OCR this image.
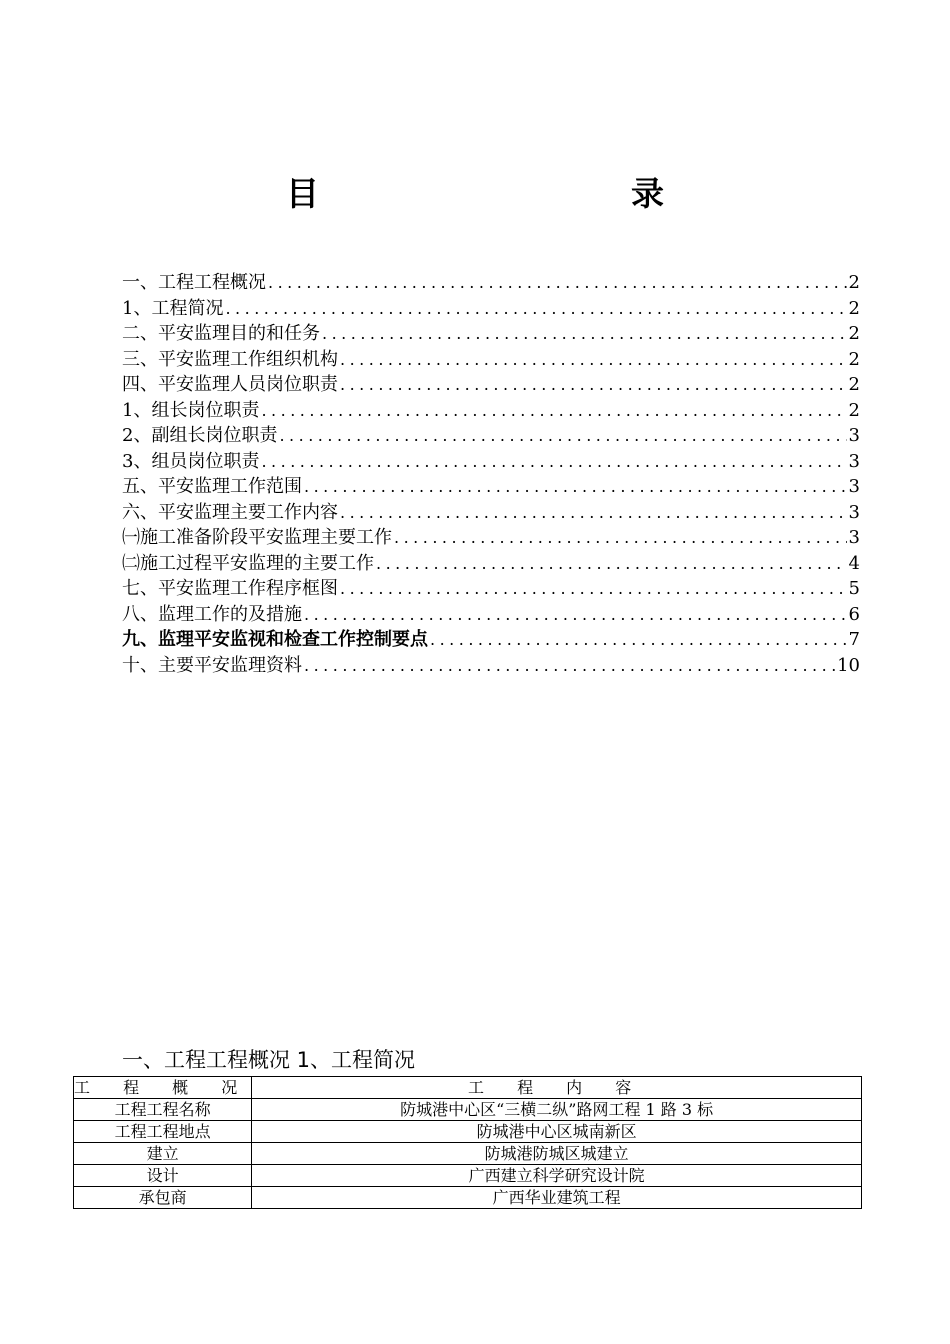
目　　录
一、工程工程概况 .....	2
1、工程简况 .....	2
二、平安监理目的和任务 .....	2
三、平安监理工作组织机构 .....	2
四、平安监理人员岗位职责 .....	2
1、组长岗位职责 .....	2
2、副组长岗位职责 .....	3
3、组员岗位职责 .....	3
五、平安监理工作范围 .....	3
六、平安监理主要工作内容 .....	3
㈠施工准备阶段平安监理主要工作 .....	3
㈡施工过程平安监理的主要工作 .....	4
七、平安监理工作程序框图 .....	5
八、监理工作的及措施 .....	6
九、监理平安监视和检查工作控制要点 .....	7
十、主要平安监理资料 .....	10
一、工程工程概况 1、工程简况
工 程 概 况	工 程 内 容
工程工程名称	防城港中心区“三横二纵”路网工程 1 路 3 标
工程工程地点	防城港中心区城南新区
建立	防城港防城区城建立
设计	广西建立科学研究设计院
承包商	广西华业建筑工程
